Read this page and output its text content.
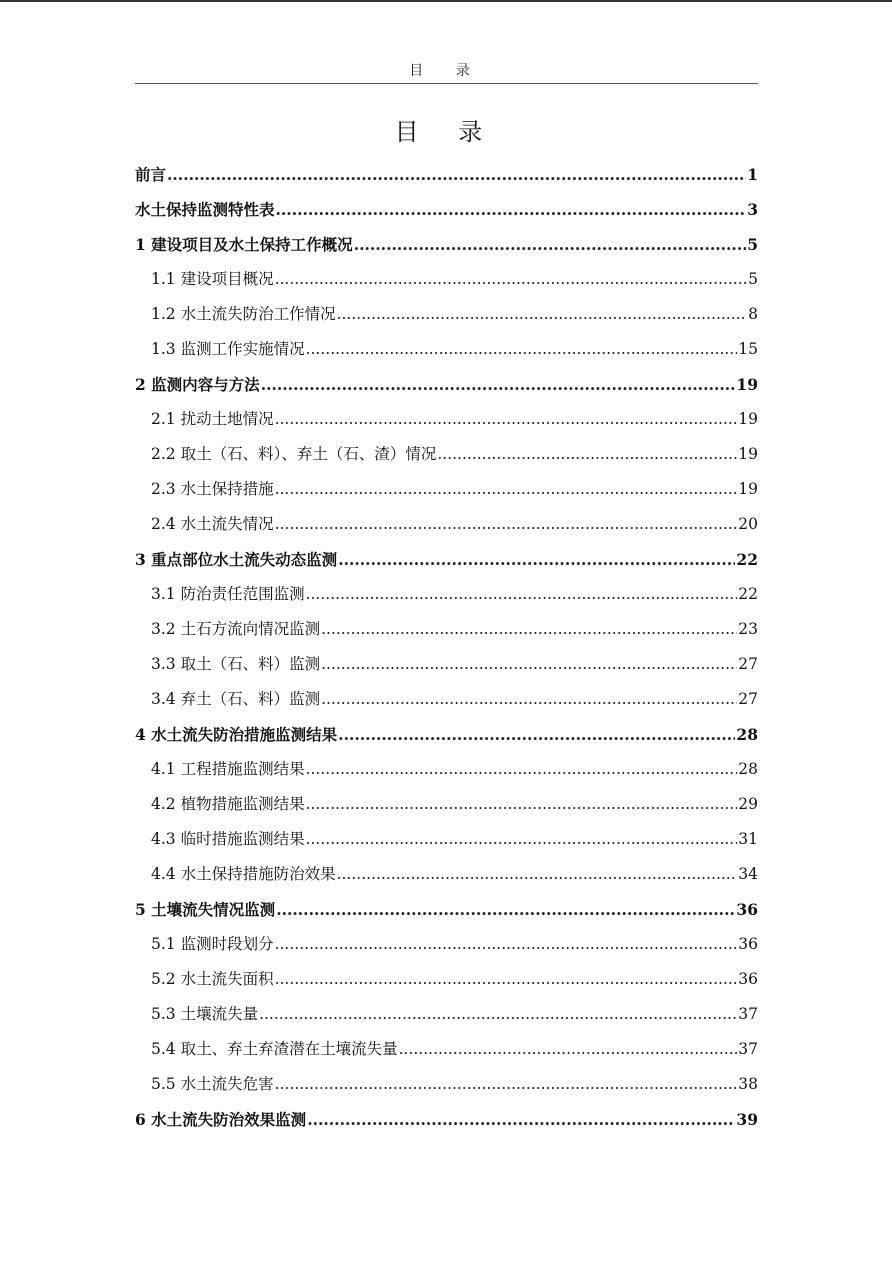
目 录
目 录
前言 .....	1
水土保持监测特性表 .....	3
1 建设项目及水土保持工作概况 .....	5
1.1 建设项目概况 .....	5
1.2 水土流失防治工作情况 .....	8
1.3 监测工作实施情况 .....	15
2 监测内容与方法 .....	19
2.1 扰动土地情况 .....	19
2.2 取土（石、料）、弃土（石、渣）情况 .....	19
2.3 水土保持措施 .....	19
2.4 水土流失情况 .....	20
3 重点部位水土流失动态监测 .....	22
3.1 防治责任范围监测 .....	22
3.2 土石方流向情况监测 .....	23
3.3 取土（石、料）监测 .....	27
3.4 弃土（石、料）监测 .....	27
4 水土流失防治措施监测结果 .....	28
4.1 工程措施监测结果 .....	28
4.2 植物措施监测结果 .....	29
4.3 临时措施监测结果 .....	31
4.4 水土保持措施防治效果 .....	34
5 土壤流失情况监测 .....	36
5.1 监测时段划分 .....	36
5.2 水土流失面积 .....	36
5.3 土壤流失量 .....	37
5.4 取土、弃土弃渣潜在土壤流失量 .....	37
5.5 水土流失危害 .....	38
6 水土流失防治效果监测 .....	39
